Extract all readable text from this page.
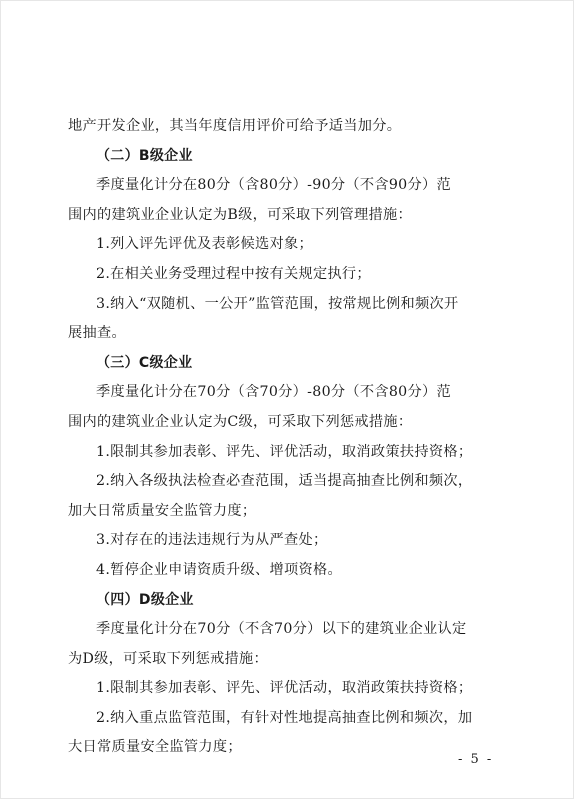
地产开发企业，其当年度信用评价可给予适当加分。
（二）B级企业
季度量化计分在80分（含80分）-90分（不含90分）范
围内的建筑业企业认定为B级，可采取下列管理措施：
1.列入评先评优及表彰候选对象；
2.在相关业务受理过程中按有关规定执行；
3.纳入“双随机、一公开”监管范围，按常规比例和频次开
展抽查。
（三）C级企业
季度量化计分在70分（含70分）-80分（不含80分）范
围内的建筑业企业认定为C级，可采取下列惩戒措施：
1.限制其参加表彰、评先、评优活动，取消政策扶持资格；
2.纳入各级执法检查必查范围，适当提高抽查比例和频次，
加大日常质量安全监管力度；
3.对存在的违法违规行为从严查处；
4.暂停企业申请资质升级、增项资格。
（四）D级企业
季度量化计分在70分（不含70分）以下的建筑业企业认定
为D级，可采取下列惩戒措施：
1.限制其参加表彰、评先、评优活动，取消政策扶持资格；
2.纳入重点监管范围，有针对性地提高抽查比例和频次，加
大日常质量安全监管力度；
- 5 -
